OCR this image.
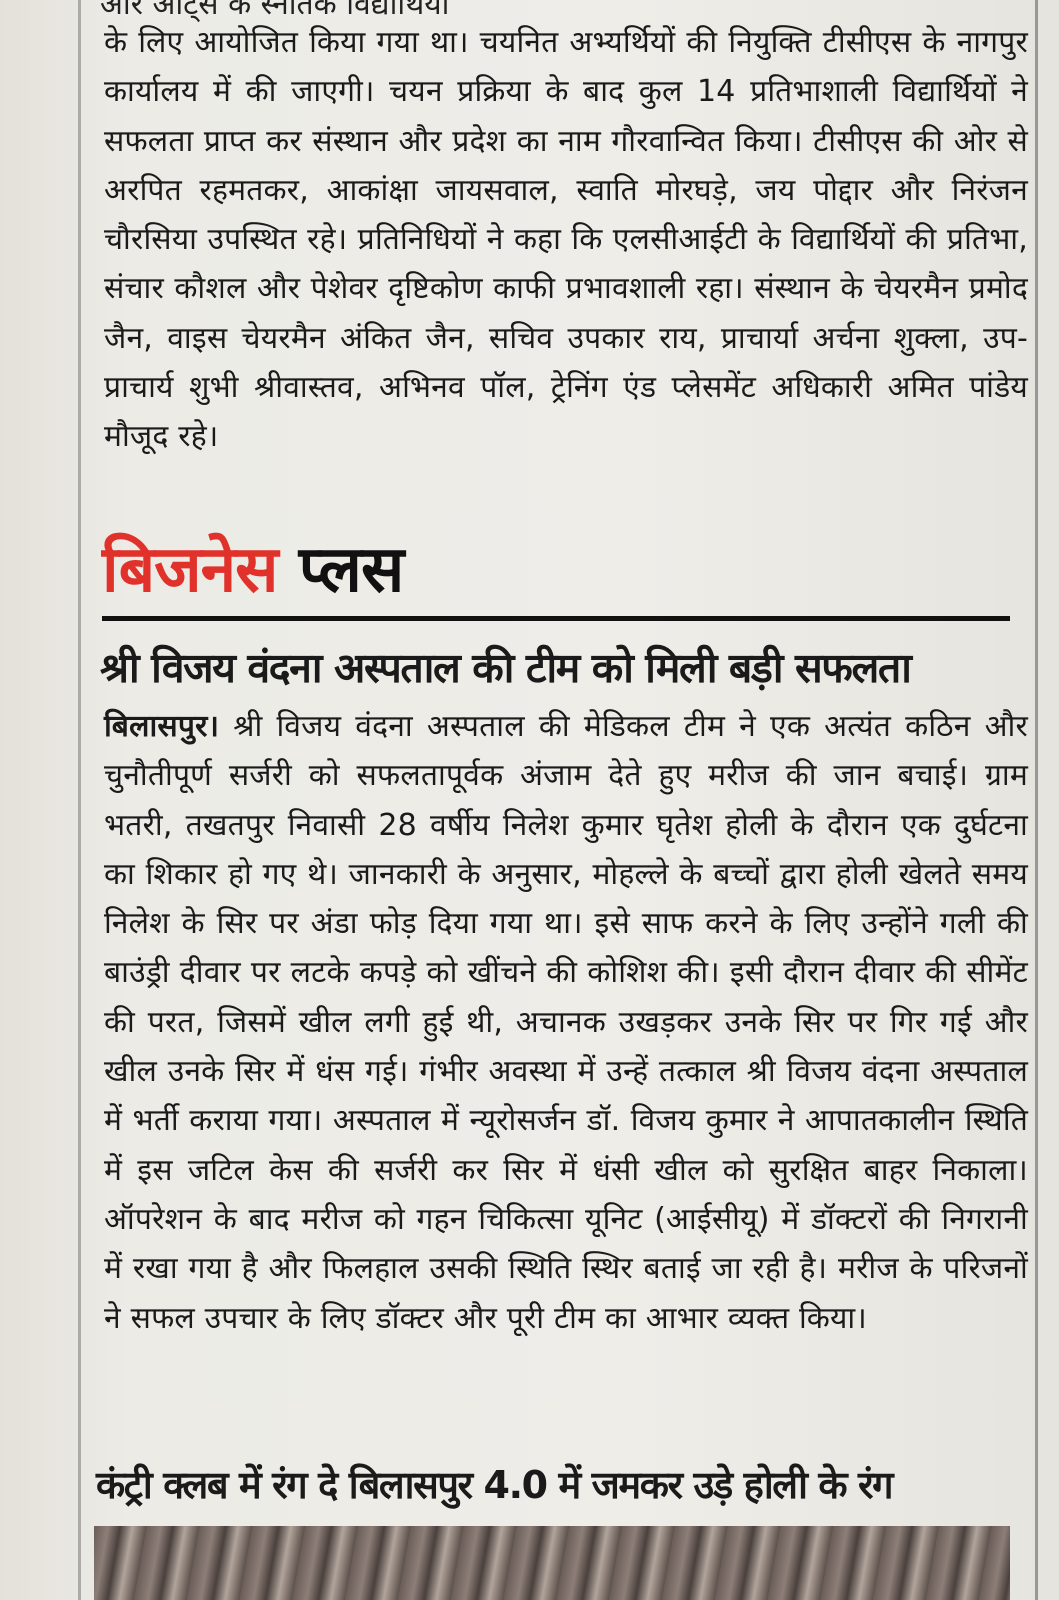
के लिए आयोजित किया गया था। चयनित अभ्यर्थियों की नियुक्ति टीसीएस के नागपुर कार्यालय में की जाएगी। चयन प्रक्रिया के बाद कुल 14 प्रतिभाशाली विद्यार्थियों ने सफलता प्राप्त कर संस्थान और प्रदेश का नाम गौरवान्वित किया। टीसीएस की ओर से अरपित रहमतकर, आकांक्षा जायसवाल, स्वाति मोरघड़े, जय पोद्दार और निरंजन चौरसिया उपस्थित रहे। प्रतिनिधियों ने कहा कि एलसीआईटी के विद्यार्थियों की प्रतिभा, संचार कौशल और पेशेवर दृष्टिकोण काफी प्रभावशाली रहा। संस्थान के चेयरमैन प्रमोद जैन, वाइस चेयरमैन अंकित जैन, सचिव उपकार राय, प्राचार्या अर्चना शुक्ला, उप-प्राचार्य शुभी श्रीवास्तव, अभिनव पॉल, ट्रेनिंग एंड प्लेसमेंट अधिकारी अमित पांडेय मौजूद रहे।

बिजनेस प्लस
श्री विजय वंदना अस्पताल की टीम को मिली बड़ी सफलता

बिलासपुर। श्री विजय वंदना अस्पताल की मेडिकल टीम ने एक अत्यंत कठिन और चुनौतीपूर्ण सर्जरी को सफलतापूर्वक अंजाम देते हुए मरीज की जान बचाई। ग्राम भतरी, तखतपुर निवासी 28 वर्षीय निलेश कुमार घृतेश होली के दौरान एक दुर्घटना का शिकार हो गए थे। जानकारी के अनुसार, मोहल्ले के बच्चों द्वारा होली खेलते समय निलेश के सिर पर अंडा फोड़ दिया गया था। इसे साफ करने के लिए उन्होंने गली की बाउंड्री दीवार पर लटके कपड़े को खींचने की कोशिश की। इसी दौरान दीवार की सीमेंट की परत, जिसमें खील लगी हुई थी, अचानक उखड़कर उनके सिर पर गिर गई और खील उनके सिर में धंस गई। गंभीर अवस्था में उन्हें तत्काल श्री विजय वंदना अस्पताल में भर्ती कराया गया। अस्पताल में न्यूरोसर्जन डॉ. विजय कुमार ने आपातकालीन स्थिति में इस जटिल केस की सर्जरी कर सिर में धंसी खील को सुरक्षित बाहर निकाला। ऑपरेशन के बाद मरीज को गहन चिकित्सा यूनिट (आईसीयू) में डॉक्टरों की निगरानी में रखा गया है और फिलहाल उसकी स्थिति स्थिर बताई जा रही है। मरीज के परिजनों ने सफल उपचार के लिए डॉक्टर और पूरी टीम का आभार व्यक्त किया।

कंट्री क्लब में रंग दे बिलासपुर 4.0 में जमकर उड़े होली के रंग
